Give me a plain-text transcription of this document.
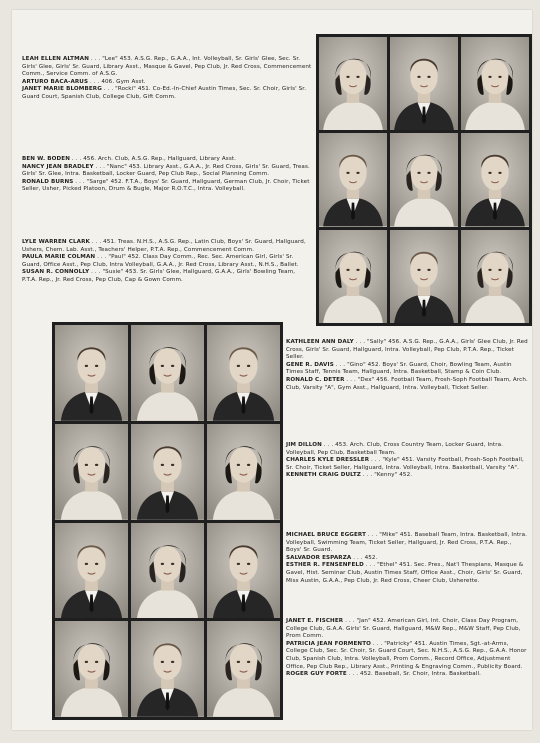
LEAH ELLEN ALTMAN . . . "Lee" 453. A.S.G. Rep., G.A.A., Int. Volleyball, Sr. Girls' Glee, Sec. Sr. Girls' Glee, Girls' Sr. Guard, Library Asst., Masque & Gavel, Pep Club, Jr. Red Cross, Commencement Comm., Service Comm. of A.S.G.

ARTURO BACA-ARUS . . . 406. Gym Asst.

JANET MARIE BLOMBERG . . . "Rocki" 451. Co-Ed.-In-Chief Austin Times, Sec. Sr. Choir, Girls' Sr. Guard Court, Spanish Club, College Club, Gift Comm.

BEN W. BODEN . . . 456. Arch. Club, A.S.G. Rep., Hallguard, Library Asst.

NANCY JEAN BRADLEY . . . "Nanc" 453. Library Asst., G.A.A., Jr. Red Cross, Girls' Sr. Guard, Treas. Girls' Sr. Glee, Intra. Basketball, Locker Guard, Pep Club Rep., Social Planning Comm.

RONALD BURNS . . . "Sarge" 452. F.T.A., Boys' Sr. Guard, Hallguard, German Club, Jr. Choir, Ticket Seller, Usher, Picked Platoon, Drum & Bugle, Major R.O.T.C., Intra. Volleyball.

LYLE WARREN CLARK . . . 451. Treas. N.H.S., A.S.G. Rep., Latin Club, Boys' Sr. Guard, Hallguard, Ushers, Chem. Lab. Asst., Teachers' Helper, P.T.A. Rep., Commencement Comm.

PAULA MARIE COLMAN . . . "Paul" 452. Class Day Comm., Rec. Sec. American Girl, Girls' Sr. Guard, Office Asst., Pep Club, Intra Volleyball, G.A.A., Jr. Red Cross, Library Asst., N.H.S., Ballet.

SUSAN R. CONNOLLY . . . "Susie" 453. Sr. Girls' Glee, Hallguard, G.A.A., Girls' Bowling Team, P.T.A. Rep., Jr. Red Cross, Pep Club, Cap & Gown Comm.

KATHLEEN ANN DALY . . . "Sally" 456. A.S.G. Rep., G.A.A., Girls' Glee Club, Jr. Red Cross, Girls' Sr. Guard, Hallguard, Intra. Volleyball, Pep Club, P.T.A. Rep., Ticket Seller.

GENE R. DAVIS . . . "Gino" 452. Boys' Sr. Guard, Choir, Bowling Team, Austin Times Staff, Tennis Team, Hallguard, Intra. Basketball, Stamp & Coin Club.

RONALD C. DETER . . . "Dex" 456. Football Team, Frosh-Soph Football Team, Arch. Club, Varsity "A", Gym Asst., Hallguard, Intra. Volleyball, Ticket Seller.

JIM DILLON . . . 453. Arch. Club, Cross Country Team, Locker Guard, Intra. Volleyball, Pep Club, Basketball Team.

CHARLES KYLE DRESSLER . . . "Kyle" 451. Varsity Football, Frosh-Soph Football, Sr. Choir, Ticket Seller, Hallguard, Intra. Volleyball, Intra. Basketball, Varsity "A".

KENNETH CRAIG DULTZ . . . "Kenny" 452.

MICHAEL BRUCE EGGERT . . . "Mike" 451. Baseball Team, Intra. Basketball, Intra. Volleyball, Swimming Team, Ticket Seller, Hallguard, Jr. Red Cross, P.T.A. Rep., Boys' Sr. Guard.

SALVADOR ESPARZA . . . 452.

ESTHER R. FENSENFELD . . . "Ethel" 451. Sec. Pres., Nat'l Thespians, Masque & Gavel, Hist. Seminar Club, Austin Times Staff, Office Asst., Choir, Girls' Sr. Guard, Miss Austin, G.A.A., Pep Club, Jr. Red Cross, Cheer Club, Usherette.

JANET E. FISCHER . . . "Jan" 452. American Girl, Int. Choir, Class Day Program, College Club, G.A.A. Girls' Sr. Guard, Hallguard, M&W Rep., M&W Staff, Pep Club, Prom Comm.

PATRICIA JEAN FORMENTO . . . "Patricky" 451. Austin Times, Sgt.-at-Arms, College Club, Sec. Sr. Choir, Sr. Guard Court, Sec. N.H.S., A.S.G. Rep., G.A.A. Honor Club, Spanish Club, Intra. Volleyball, Prom Comm., Record Office, Adjustment Office, Pep Club Rep., Library Asst., Printing & Engraving Comm., Publicity Board.

ROGER GUY FORTE . . . 452. Baseball, Sr. Choir, Intra. Basketball.
